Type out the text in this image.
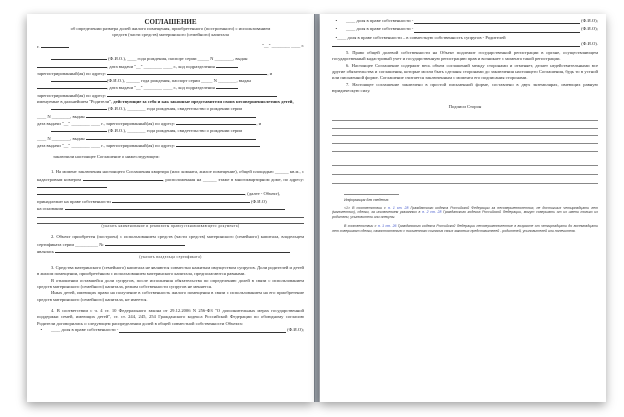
СОГЛАШЕНИЕ

об определении размера долей жилого помещения, приобретенного (построенного) с использованием

средств (части средств) материнского (семейного) капитала

г.	"__" ________ ____ г.

(Ф.И.О.), ____ года рождения, паспорт серии _____ N ________, выдан
, дата выдачи "__" ________ ____ г., код подразделения
зарегистрированный(ая) по адресу:	, и

(Ф.И.О.), ______ года рождения, паспорт серии _____ N ________, выдан
, дата выдачи "__" ________ ____ г., код подразделения
зарегистрированный(ая) по адресу:

именуемые в дальнейшем "Родители", действующие за себя и как законные представители своих несовершеннолетних детей,

(Ф.И.О.), ________ года рождения, свидетельство о рождении серии
____ N ________, выдан
дата выдачи "__" ________ ____ г., зарегистрированный(ая) по адресу:	, и

(Ф.И.О.), ________ года рождения, свидетельство о рождении серии
____ N ________, выдан
дата выдачи "__" ________ ____ г., зарегистрированный(ая) по адресу:

заключили настоящее Соглашение о нижеследующем:

1. На момент заключения настоящего Соглашения квартира (или: комната, жилое помещение), общей площадью ______ кв.м., с кадастровым номером	, расположенная на ______ этаже в многоквартирном доме, по адресу:

, (далее - Объект),

принадлежит на праве собственности	(Ф.И.О)

на основании

(указать наименование и реквизиты правоустанавливающего документа)

2. Объект приобретен (построен) с использованием средств (части средств) материнского (семейного) капитала, владельцем сертификата серии __________ №

являлась

(указать владельца сертификата)

3. Средства материнского (семейного) капитала не являются совместно нажитым имуществом супругов. Доли родителей и детей в жилом помещении, приобретённом с использованием материнского капитала, предполагаются равными.

В отношении оставшейся доли супругов, после исполнения обязательства по определению долей в связи с использованием средств материнского (семейного) капитала, режим собственности супругов не меняется.

Иных детей, имеющих право на получение в собственность жилого помещения в связи с использованием на его приобретение средств материнского (семейного) капитала, не имеется.

4. В соответствии с ч. 4 ст. 10 Федерального закона от 29.12.2006 N 256-ФЗ "О дополнительных мерах государственной поддержки семей, имеющих детей", ст. ст. 244, 245, 254 Гражданского кодекса Российской Федерации по обоюдному согласию Родители договорились о следующем распределении долей в общей совместной собственности Объекта:

•	____ доля в праве собственности -	(Ф.И.О);
•	____ доля в праве собственности -	(Ф.И.О);
•	____ доля в праве собственности -	(Ф.И.О);

•____ доля в праве собственности – в совместную собственность супругов - Родителей

(Ф.И.О).

5. Право общей долевой собственности на Объект подлежит государственной регистрации в органе, осуществляющем государственный кадастровый учет и государственную регистрацию прав и возникает с момента такой регистрации.

6. Настоящее Соглашение содержит весь объем соглашений между сторонами и отменяет, делает недействительными все другие обязательства и соглашения, которые могли быть сделаны сторонами до заключения настоящего Соглашения, будь то в устной или письменной форме. Соглашение считается заключенным с момента его подписания сторонами.

7. Настоящее соглашение заключено в простой письменной форме, составлено в двух экземплярах, имеющих равную юридическую силу.

Подписи Сторон

Информация для сведения:

<1> В соответствии с п. 1 ст. 28 Гражданского кодекса Российской Федерации за несовершеннолетних, не достигших четырнадцати лет (малолетних), сделки, за исключением указанных в п. 2 ст. 28 Гражданского кодекса Российской Федерации, могут совершать от их имени только их родители, усыновители или опекуны.

В соответствии с п. 1 ст. 26 Гражданского кодекса Российской Федерации несовершеннолетние в возрасте от четырнадцати до восемнадцати лет совершают сделки, самостоятельно с письменного согласия своих законных представителей - родителей, усыновителей или попечителя.
